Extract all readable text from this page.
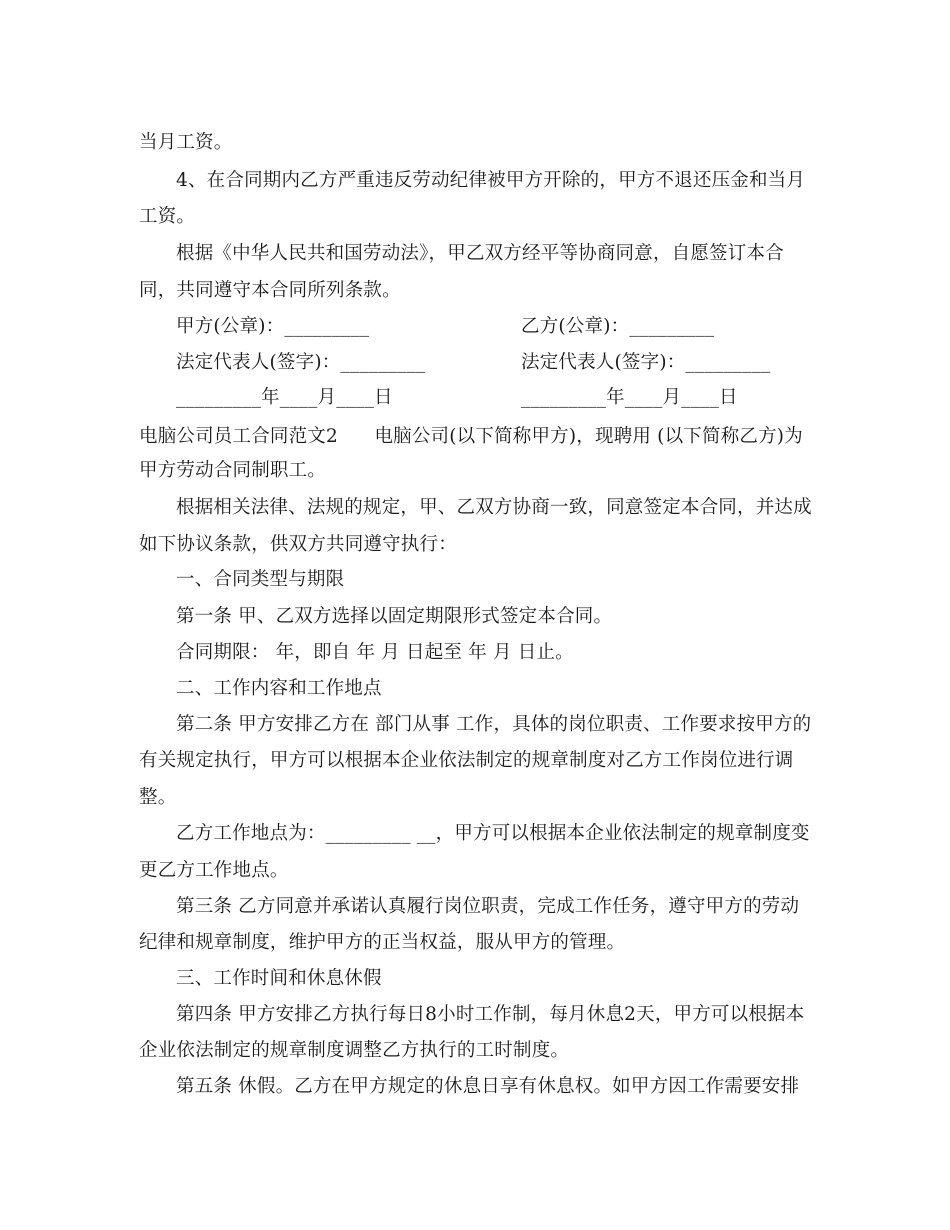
当月工资。
4、在合同期内乙方严重违反劳动纪律被甲方开除的，甲方不退还压金和当月
工资。
根据《中华人民共和国劳动法》，甲乙双方经平等协商同意，自愿签订本合
同，共同遵守本合同所列条款。
甲方(公章)：_________	乙方(公章)：_________
法定代表人(签字)：_________	法定代表人(签字)：_________
_________年____月____日	_________年____月____日
电脑公司员工合同范文2      电脑公司(以下简称甲方)，现聘用 (以下简称乙方)为
甲方劳动合同制职工。
根据相关法律、法规的规定，甲、乙双方协商一致，同意签定本合同，并达成
如下协议条款，供双方共同遵守执行：
一、合同类型与期限
第一条 甲、乙双方选择以固定期限形式签定本合同。
合同期限： 年，即自 年 月 日起至 年 月 日止。
二、工作内容和工作地点
第二条 甲方安排乙方在 部门从事 工作，具体的岗位职责、工作要求按甲方的
有关规定执行，甲方可以根据本企业依法制定的规章制度对乙方工作岗位进行调
整。
乙方工作地点为：_________ __，甲方可以根据本企业依法制定的规章制度变
更乙方工作地点。
第三条 乙方同意并承诺认真履行岗位职责，完成工作任务，遵守甲方的劳动
纪律和规章制度，维护甲方的正当权益，服从甲方的管理。
三、工作时间和休息休假
第四条 甲方安排乙方执行每日8小时工作制，每月休息2天，甲方可以根据本
企业依法制定的规章制度调整乙方执行的工时制度。
第五条 休假。乙方在甲方规定的休息日享有休息权。如甲方因工作需要安排
